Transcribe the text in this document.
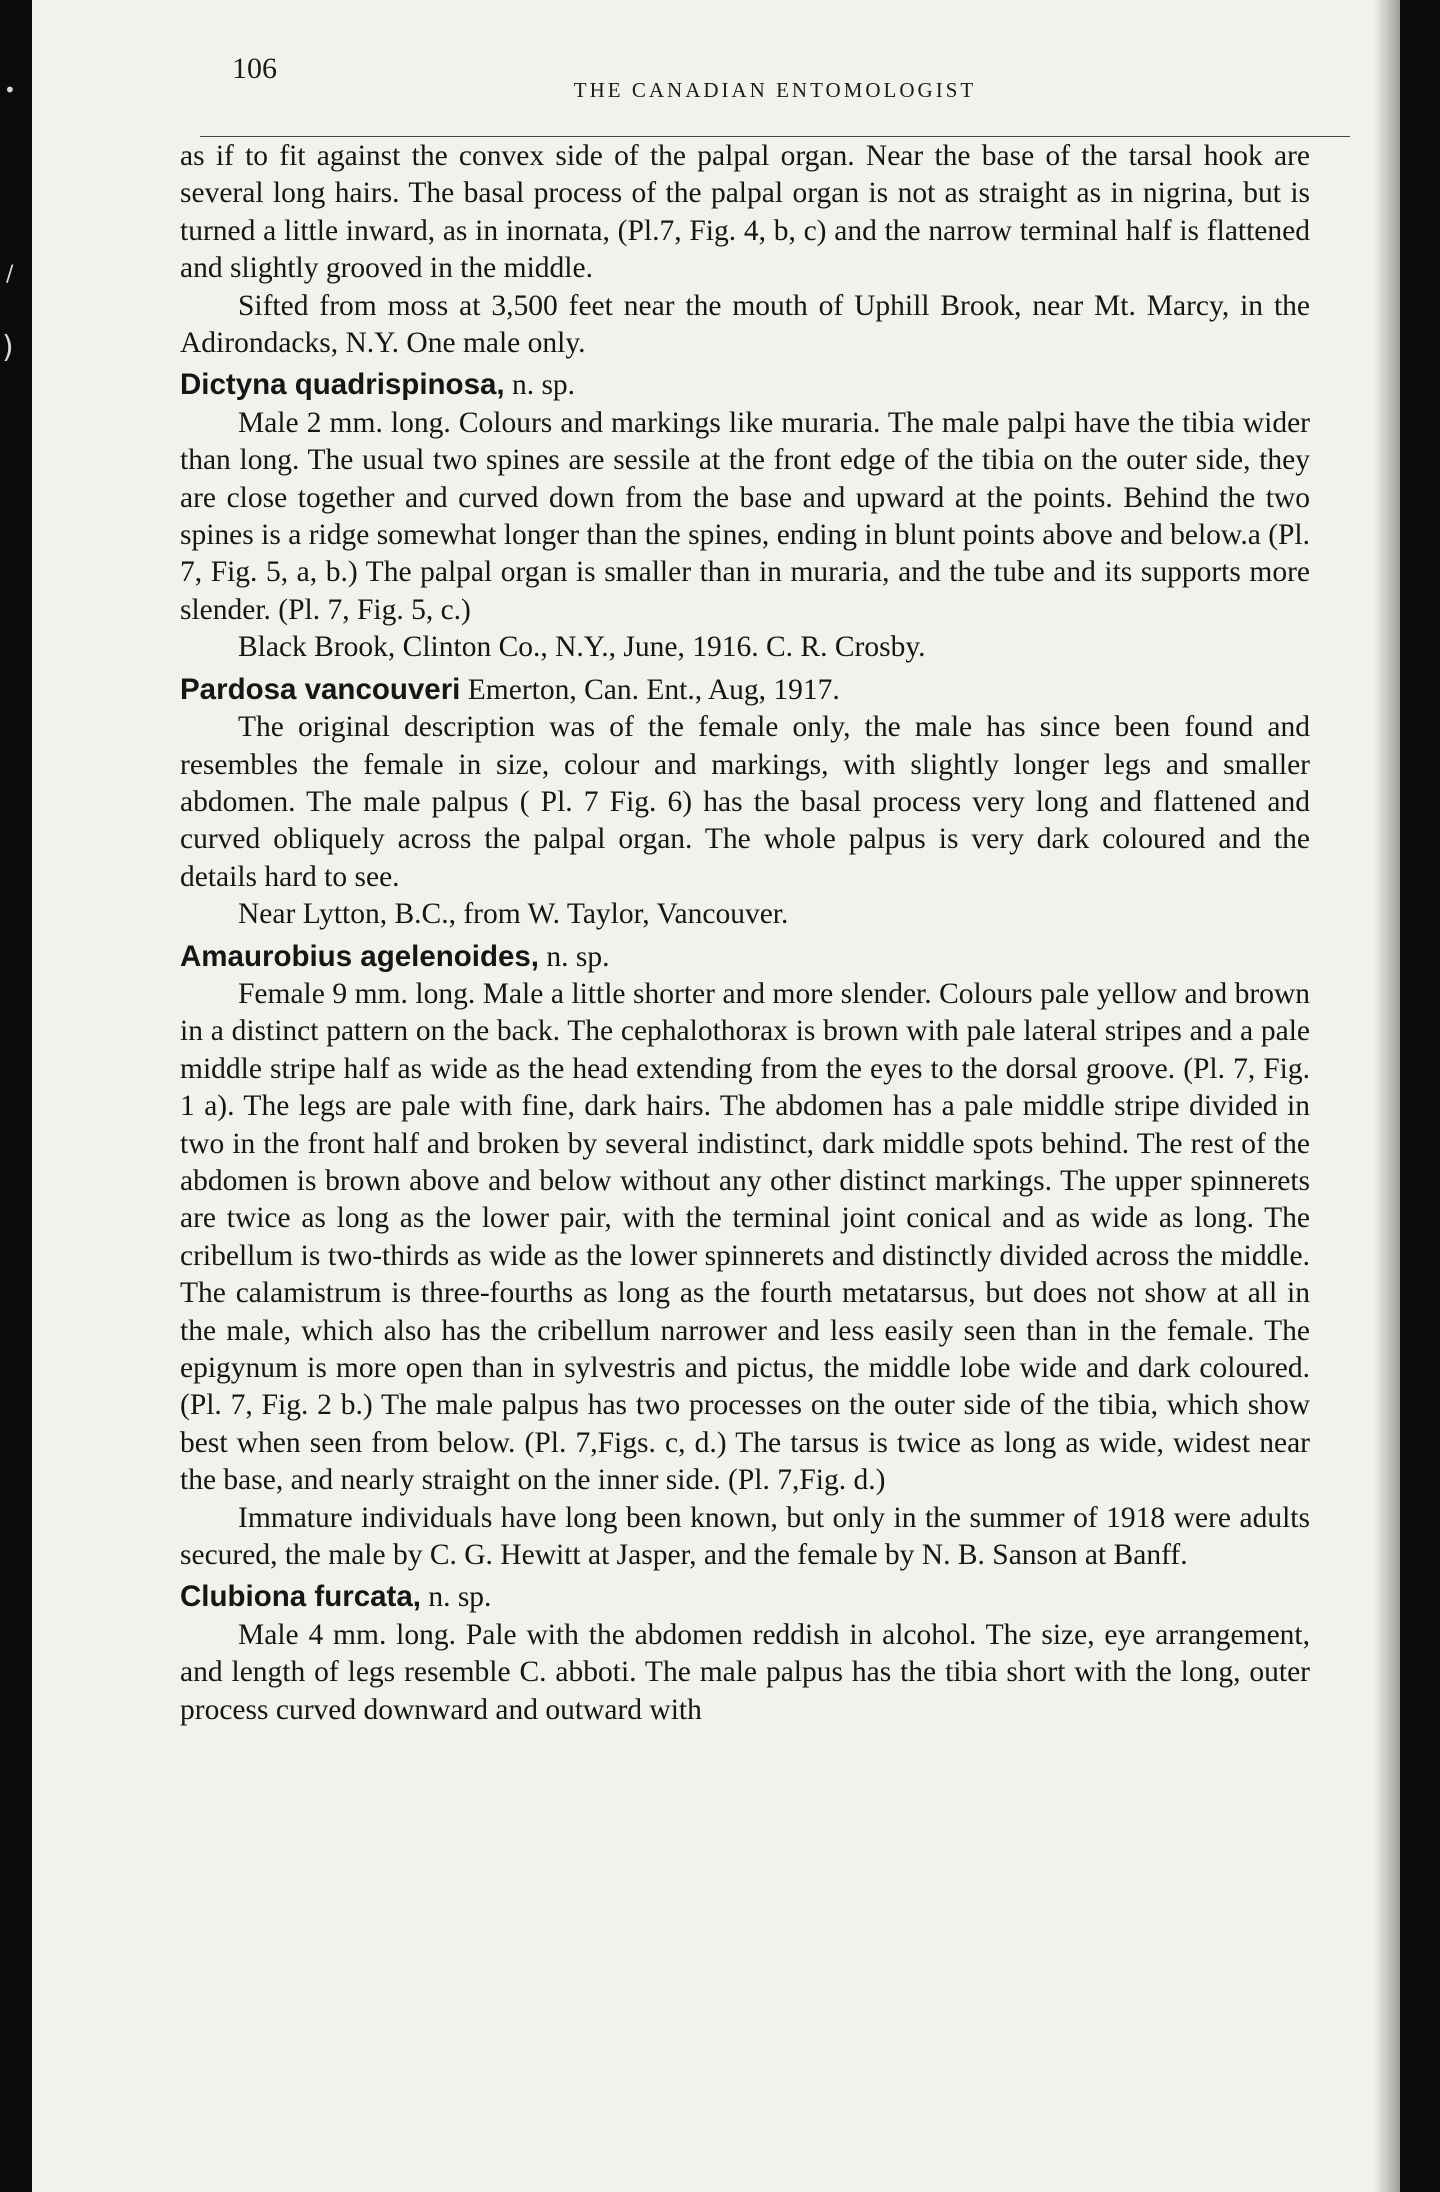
•
/
)
106
THE CANADIAN ENTOMOLOGIST

as if to fit against the convex side of the palpal organ. Near the base of the tarsal hook are several long hairs. The basal process of the palpal organ is not as straight as in nigrina, but is turned a little inward, as in inornata, (Pl.7, Fig. 4, b, c) and the narrow terminal half is flattened and slightly grooved in the middle.

Sifted from moss at 3,500 feet near the mouth of Uphill Brook, near Mt. Marcy, in the Adirondacks, N.Y. One male only.

Dictyna quadrispinosa, n. sp.

Male 2 mm. long. Colours and markings like muraria. The male palpi have the tibia wider than long. The usual two spines are sessile at the front edge of the tibia on the outer side, they are close together and curved down from the base and upward at the points. Behind the two spines is a ridge somewhat longer than the spines, ending in blunt points above and below.a (Pl. 7, Fig. 5, a, b.) The palpal organ is smaller than in muraria, and the tube and its supports more slender. (Pl. 7, Fig. 5, c.)

Black Brook, Clinton Co., N.Y., June, 1916. C. R. Crosby.

Pardosa vancouveri Emerton, Can. Ent., Aug, 1917.

The original description was of the female only, the male has since been found and resembles the female in size, colour and markings, with slightly longer legs and smaller abdomen. The male palpus ( Pl. 7 Fig. 6) has the basal process very long and flattened and curved obliquely across the palpal organ. The whole palpus is very dark coloured and the details hard to see.

Near Lytton, B.C., from W. Taylor, Vancouver.

Amaurobius agelenoides, n. sp.

Female 9 mm. long. Male a little shorter and more slender. Colours pale yellow and brown in a distinct pattern on the back. The cephalothorax is brown with pale lateral stripes and a pale middle stripe half as wide as the head extending from the eyes to the dorsal groove. (Pl. 7, Fig. 1 a). The legs are pale with fine, dark hairs. The abdomen has a pale middle stripe divided in two in the front half and broken by several indistinct, dark middle spots behind. The rest of the abdomen is brown above and below without any other distinct markings. The upper spinnerets are twice as long as the lower pair, with the terminal joint conical and as wide as long. The cribellum is two-thirds as wide as the lower spinnerets and distinctly divided across the middle. The calamistrum is three-fourths as long as the fourth metatarsus, but does not show at all in the male, which also has the cribellum narrower and less easily seen than in the female. The epigynum is more open than in sylvestris and pictus, the middle lobe wide and dark coloured. (Pl. 7, Fig. 2 b.) The male palpus has two processes on the outer side of the tibia, which show best when seen from below. (Pl. 7,Figs. c, d.) The tarsus is twice as long as wide, widest near the base, and nearly straight on the inner side. (Pl. 7,Fig. d.)

Immature individuals have long been known, but only in the summer of 1918 were adults secured, the male by C. G. Hewitt at Jasper, and the female by N. B. Sanson at Banff.

Clubiona furcata, n. sp.

Male 4 mm. long. Pale with the abdomen reddish in alcohol. The size, eye arrangement, and length of legs resemble C. abboti. The male palpus has the tibia short with the long, outer process curved downward and outward with
